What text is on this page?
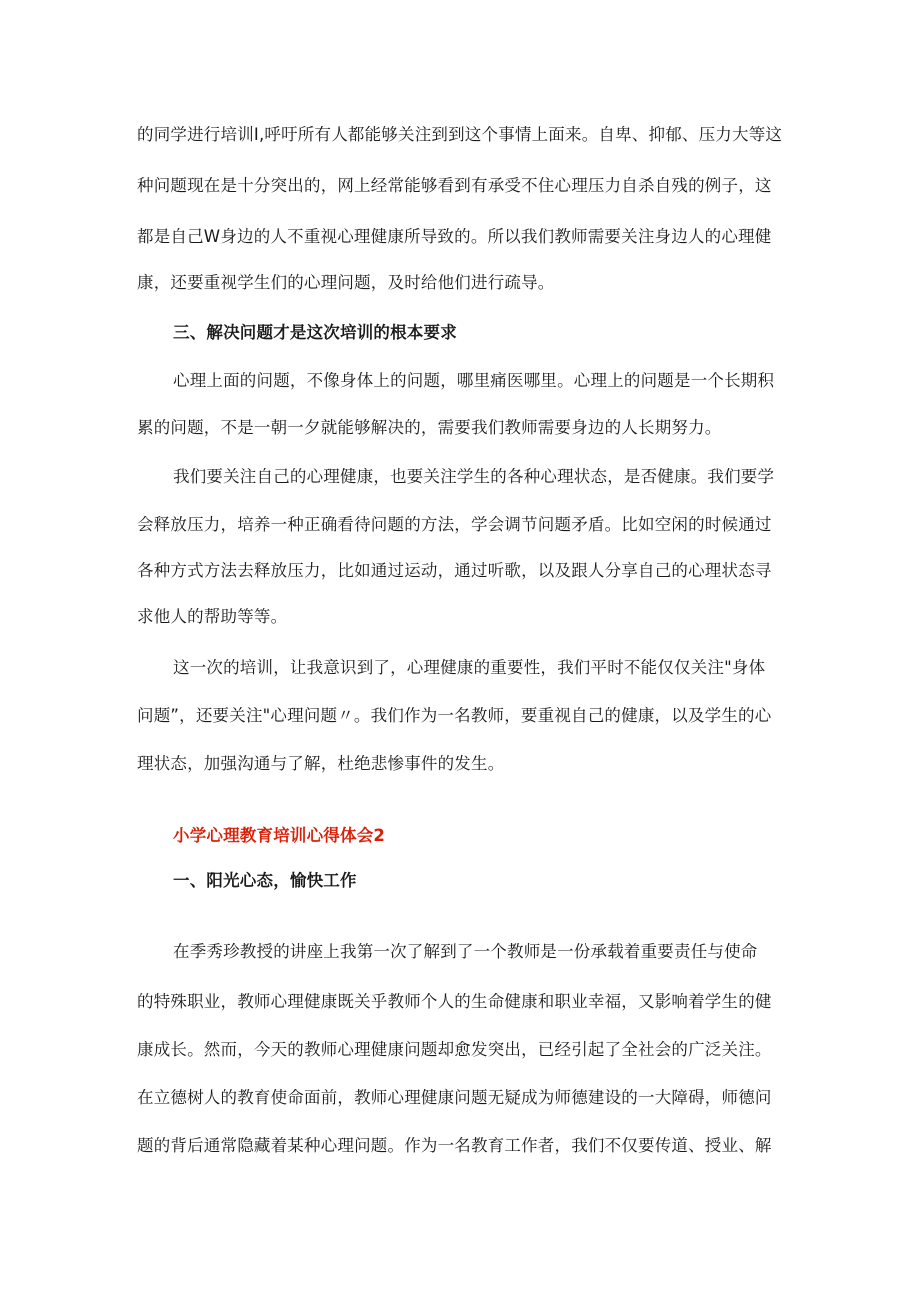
的同学进行培训I,呼吁所有人都能够关注到到这个事情上面来。自卑、抑郁、压力大等这
种问题现在是十分突出的，网上经常能够看到有承受不住心理压力自杀自残的例子，这
都是自己W身边的人不重视心理健康所导致的。所以我们教师需要关注身边人的心理健
康，还要重视学生们的心理问题，及时给他们进行疏导。
三、解决问题才是这次培训的根本要求
心理上面的问题，不像身体上的问题，哪里痛医哪里。心理上的问题是一个长期积
累的问题，不是一朝一夕就能够解决的，需要我们教师需要身边的人长期努力。
我们要关注自己的心理健康，也要关注学生的各种心理状态，是否健康。我们要学
会释放压力，培养一种正确看待问题的方法，学会调节问题矛盾。比如空闲的时候通过
各种方式方法去释放压力，比如通过运动，通过听歌，以及跟人分享自己的心理状态寻
求他人的帮助等等。
这一次的培训，让我意识到了，心理健康的重要性，我们平时不能仅仅关注"身体
问题”，还要关注"心理问题〃。我们作为一名教师，要重视自己的健康，以及学生的心
理状态，加强沟通与了解，杜绝悲惨事件的发生。
小学心理教育培训心得体会2
一、阳光心态，愉快工作
在季秀珍教授的讲座上我第一次了解到了一个教师是一份承载着重要责任与使命
的特殊职业，教师心理健康既关乎教师个人的生命健康和职业幸福，又影响着学生的健
康成长。然而，今天的教师心理健康问题却愈发突出，已经引起了全社会的广泛关注。
在立德树人的教育使命面前，教师心理健康问题无疑成为师德建设的一大障碍，师德问
题的背后通常隐藏着某种心理问题。作为一名教育工作者，我们不仅要传道、授业、解
